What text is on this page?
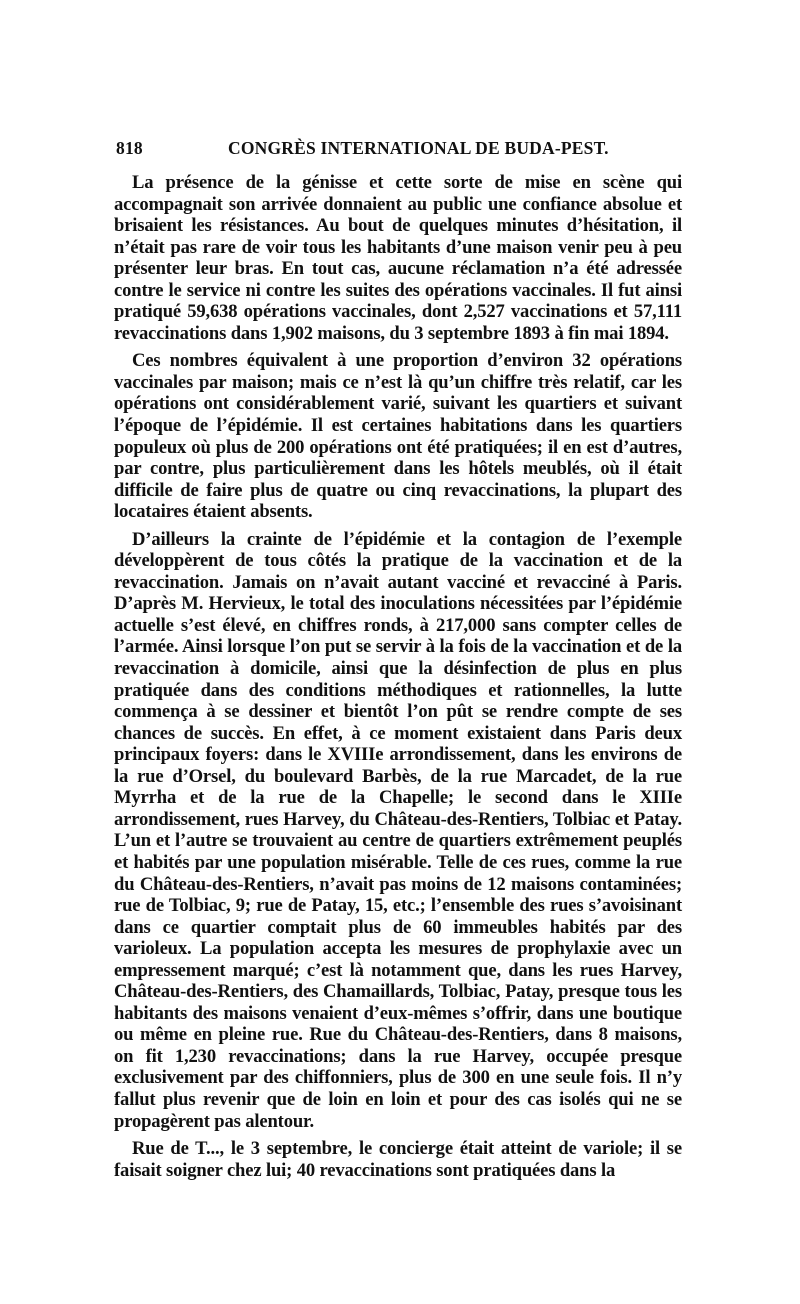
818	CONGRÈS INTERNATIONAL DE BUDA-PEST.

La présence de la génisse et cette sorte de mise en scène qui accompagnait son arrivée donnaient au public une confiance absolue et brisaient les résistances. Au bout de quelques minutes d’hésitation, il n’était pas rare de voir tous les habitants d’une maison venir peu à peu présenter leur bras. En tout cas, aucune réclamation n’a été adressée contre le service ni contre les suites des opérations vaccinales. Il fut ainsi pratiqué 59,638 opérations vaccinales, dont 2,527 vaccinations et 57,111 revaccinations dans 1,902 maisons, du 3 septembre 1893 à fin mai 1894.

Ces nombres équivalent à une proportion d’environ 32 opérations vaccinales par maison; mais ce n’est là qu’un chiffre très relatif, car les opérations ont considérablement varié, suivant les quartiers et suivant l’époque de l’épidémie. Il est certaines habitations dans les quartiers populeux où plus de 200 opérations ont été pratiquées; il en est d’autres, par contre, plus particulièrement dans les hôtels meublés, où il était difficile de faire plus de quatre ou cinq revaccinations, la plupart des locataires étaient absents.

D’ailleurs la crainte de l’épidémie et la contagion de l’exemple développèrent de tous côtés la pratique de la vaccination et de la revaccination. Jamais on n’avait autant vacciné et revacciné à Paris. D’après M. Hervieux, le total des inoculations nécessitées par l’épidémie actuelle s’est élevé, en chiffres ronds, à 217,000 sans compter celles de l’armée. Ainsi lorsque l’on put se servir à la fois de la vaccination et de la revaccination à domicile, ainsi que la désinfection de plus en plus pratiquée dans des conditions méthodiques et rationnelles, la lutte commença à se dessiner et bientôt l’on pût se rendre compte de ses chances de succès. En effet, à ce moment existaient dans Paris deux principaux foyers: dans le XVIIIe arrondissement, dans les environs de la rue d’Orsel, du boulevard Barbès, de la rue Marcadet, de la rue Myrrha et de la rue de la Chapelle; le second dans le XIIIe arrondissement, rues Harvey, du Château-des-Rentiers, Tolbiac et Patay. L’un et l’autre se trouvaient au centre de quartiers extrêmement peuplés et habités par une population misérable. Telle de ces rues, comme la rue du Château-des-Rentiers, n’avait pas moins de 12 maisons contaminées; rue de Tolbiac, 9; rue de Patay, 15, etc.; l’ensemble des rues s’avoisinant dans ce quartier comptait plus de 60 immeubles habités par des varioleux. La population accepta les mesures de prophylaxie avec un empressement marqué; c’est là notamment que, dans les rues Harvey, Château-des-Rentiers, des Chamaillards, Tolbiac, Patay, presque tous les habitants des maisons venaient d’eux-mêmes s’offrir, dans une boutique ou même en pleine rue. Rue du Château-des-Rentiers, dans 8 maisons, on fit 1,230 revaccinations; dans la rue Harvey, occupée presque exclusivement par des chiffonniers, plus de 300 en une seule fois. Il n’y fallut plus revenir que de loin en loin et pour des cas isolés qui ne se propagèrent pas alentour.

Rue de T..., le 3 septembre, le concierge était atteint de variole; il se faisait soigner chez lui; 40 revaccinations sont pratiquées dans la
